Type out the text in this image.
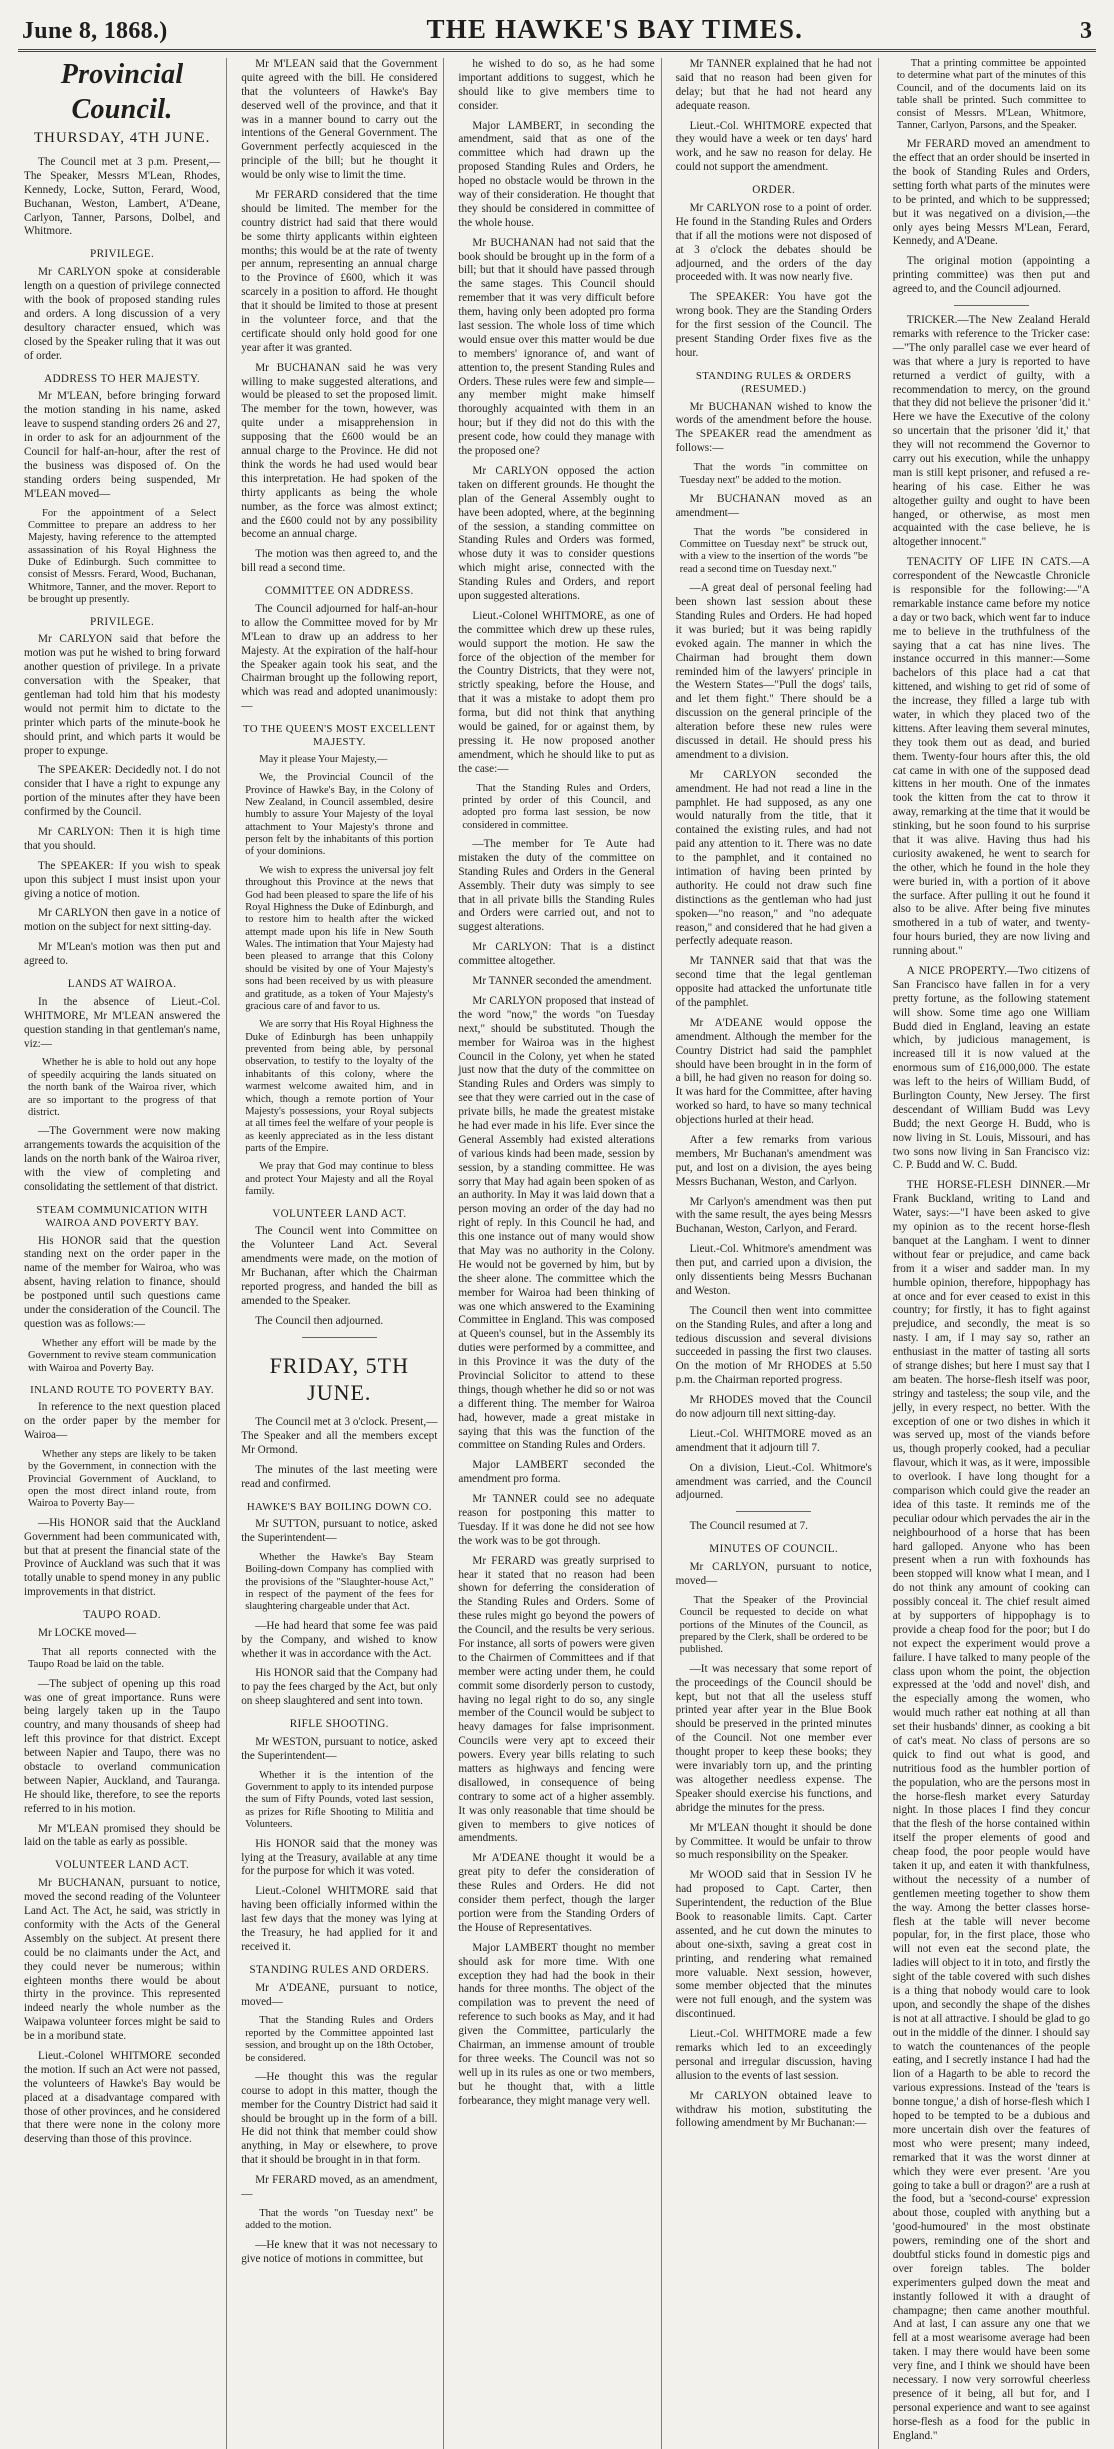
June 8, 1868.)	THE HAWKE'S BAY TIMES.	3
Provincial Council.
THURSDAY, 4TH JUNE.

The Council met at 3 p.m. Present,—The Speaker, Messrs M'Lean, Rhodes, Kennedy, Locke, Sutton, Ferard, Wood, Buchanan, Weston, Lambert, A'Deane, Carlyon, Tanner, Parsons, Dolbel, and Whitmore.

PRIVILEGE.

Mr CARLYON spoke at considerable length on a question of privilege connected with the book of proposed standing rules and orders. A long discussion of a very desultory character ensued, which was closed by the Speaker ruling that it was out of order.

ADDRESS TO HER MAJESTY.

Mr M'LEAN, before bringing forward the motion standing in his name, asked leave to suspend standing orders 26 and 27, in order to ask for an adjournment of the Council for half-an-hour, after the rest of the business was disposed of. On the standing orders being suspended, Mr M'LEAN moved—

For the appointment of a Select Committee to prepare an address to her Majesty, having reference to the attempted assassination of his Royal Highness the Duke of Edinburgh. Such committee to consist of Messrs. Ferard, Wood, Buchanan, Whitmore, Tanner, and the mover. Report to be brought up presently.

PRIVILEGE.

Mr CARLYON said that before the motion was put he wished to bring forward another question of privilege. In a private conversation with the Speaker, that gentleman had told him that his modesty would not permit him to dictate to the printer which parts of the minute-book he should print, and which parts it would be proper to expunge.

The SPEAKER: Decidedly not. I do not consider that I have a right to expunge any portion of the minutes after they have been confirmed by the Council.

Mr CARLYON: Then it is high time that you should.

The SPEAKER: If you wish to speak upon this subject I must insist upon your giving a notice of motion.

Mr CARLYON then gave in a notice of motion on the subject for next sitting-day.

Mr M'Lean's motion was then put and agreed to.

LANDS AT WAIROA.

In the absence of Lieut.-Col. WHITMORE, Mr M'LEAN answered the question standing in that gentleman's name, viz:—

Whether he is able to hold out any hope of speedily acquiring the lands situated on the north bank of the Wairoa river, which are so important to the progress of that district.

—The Government were now making arrangements towards the acquisition of the lands on the north bank of the Wairoa river, with the view of completing and consolidating the settlement of that district.

STEAM COMMUNICATION WITH WAIROA AND POVERTY BAY.

His HONOR said that the question standing next on the order paper in the name of the member for Wairoa, who was absent, having relation to finance, should be postponed until such questions came under the consideration of the Council. The question was as follows:—

Whether any effort will be made by the Government to revive steam communication with Wairoa and Poverty Bay.

INLAND ROUTE TO POVERTY BAY.

In reference to the next question placed on the order paper by the member for Wairoa—

Whether any steps are likely to be taken by the Government, in connection with the Provincial Government of Auckland, to open the most direct inland route, from Wairoa to Poverty Bay—

—His HONOR said that the Auckland Government had been communicated with, but that at present the financial state of the Province of Auckland was such that it was totally unable to spend money in any public improvements in that district.

TAUPO ROAD.

Mr LOCKE moved—

That all reports connected with the Taupo Road be laid on the table.

—The subject of opening up this road was one of great importance. Runs were being largely taken up in the Taupo country, and many thousands of sheep had left this province for that district. Except between Napier and Taupo, there was no obstacle to overland communication between Napier, Auckland, and Tauranga. He should like, therefore, to see the reports referred to in his motion.

Mr M'LEAN promised they should be laid on the table as early as possible.

VOLUNTEER LAND ACT.

Mr BUCHANAN, pursuant to notice, moved the second reading of the Volunteer Land Act. The Act, he said, was strictly in conformity with the Acts of the General Assembly on the subject. At present there could be no claimants under the Act, and they could never be numerous; within eighteen months there would be about thirty in the province. This represented indeed nearly the whole number as the Waipawa volunteer forces might be said to be in a moribund state.

Lieut.-Colonel WHITMORE seconded the motion. If such an Act were not passed, the volunteers of Hawke's Bay would be placed at a disadvantage compared with those of other provinces, and he considered that there were none in the colony more deserving than those of this province.

Mr M'LEAN said that the Government quite agreed with the bill. He considered that the volunteers of Hawke's Bay deserved well of the province, and that it was in a manner bound to carry out the intentions of the General Government. The Government perfectly acquiesced in the principle of the bill; but he thought it would be only wise to limit the time.

Mr FERARD considered that the time should be limited. The member for the country district had said that there would be some thirty applicants within eighteen months; this would be at the rate of twenty per annum, representing an annual charge to the Province of £600, which it was scarcely in a position to afford. He thought that it should be limited to those at present in the volunteer force, and that the certificate should only hold good for one year after it was granted.

Mr BUCHANAN said he was very willing to make suggested alterations, and would be pleased to set the proposed limit. The member for the town, however, was quite under a misapprehension in supposing that the £600 would be an annual charge to the Province. He did not think the words he had used would bear this interpretation. He had spoken of the thirty applicants as being the whole number, as the force was almost extinct; and the £600 could not by any possibility become an annual charge.

The motion was then agreed to, and the bill read a second time.

COMMITTEE ON ADDRESS.

The Council adjourned for half-an-hour to allow the Committee moved for by Mr M'Lean to draw up an address to her Majesty. At the expiration of the half-hour the Speaker again took his seat, and the Chairman brought up the following report, which was read and adopted unanimously:—

TO THE QUEEN'S MOST EXCELLENT MAJESTY.

May it please Your Majesty,—

We, the Provincial Council of the Province of Hawke's Bay, in the Colony of New Zealand, in Council assembled, desire humbly to assure Your Majesty of the loyal attachment to Your Majesty's throne and person felt by the inhabitants of this portion of your dominions.

We wish to express the universal joy felt throughout this Province at the news that God had been pleased to spare the life of his Royal Highness the Duke of Edinburgh, and to restore him to health after the wicked attempt made upon his life in New South Wales. The intimation that Your Majesty had been pleased to arrange that this Colony should be visited by one of Your Majesty's sons had been received by us with pleasure and gratitude, as a token of Your Majesty's gracious care of and favor to us.

We are sorry that His Royal Highness the Duke of Edinburgh has been unhappily prevented from being able, by personal observation, to testify to the loyalty of the inhabitants of this colony, where the warmest welcome awaited him, and in which, though a remote portion of Your Majesty's possessions, your Royal subjects at all times feel the welfare of your people is as keenly appreciated as in the less distant parts of the Empire.

We pray that God may continue to bless and protect Your Majesty and all the Royal family.

VOLUNTEER LAND ACT.

The Council went into Committee on the Volunteer Land Act. Several amendments were made, on the motion of Mr Buchanan, after which the Chairman reported progress, and handed the bill as amended to the Speaker.

The Council then adjourned.

FRIDAY, 5TH JUNE.

The Council met at 3 o'clock. Present,—The Speaker and all the members except Mr Ormond.

The minutes of the last meeting were read and confirmed.

HAWKE'S BAY BOILING DOWN CO.

Mr SUTTON, pursuant to notice, asked the Superintendent—

Whether the Hawke's Bay Steam Boiling-down Company has complied with the provisions of the "Slaughter-house Act," in respect of the payment of the fees for slaughtering chargeable under that Act.

—He had heard that some fee was paid by the Company, and wished to know whether it was in accordance with the Act.

His HONOR said that the Company had to pay the fees charged by the Act, but only on sheep slaughtered and sent into town.

RIFLE SHOOTING.

Mr WESTON, pursuant to notice, asked the Superintendent—

Whether it is the intention of the Government to apply to its intended purpose the sum of Fifty Pounds, voted last session, as prizes for Rifle Shooting to Militia and Volunteers.

His HONOR said that the money was lying at the Treasury, available at any time for the purpose for which it was voted.

Lieut.-Colonel WHITMORE said that having been officially informed within the last few days that the money was lying at the Treasury, he had applied for it and received it.

STANDING RULES AND ORDERS.

Mr A'DEANE, pursuant to notice, moved—

That the Standing Rules and Orders reported by the Committee appointed last session, and brought up on the 18th October, be considered.

—He thought this was the regular course to adopt in this matter, though the member for the Country District had said it should be brought up in the form of a bill. He did not think that member could show anything, in May or elsewhere, to prove that it should be brought in in that form.

Mr FERARD moved, as an amendment,—

That the words "on Tuesday next" be added to the motion.

—He knew that it was not necessary to give notice of motions in committee, but

he wished to do so, as he had some important additions to suggest, which he should like to give members time to consider.

Major LAMBERT, in seconding the amendment, said that as one of the committee which had drawn up the proposed Standing Rules and Orders, he hoped no obstacle would be thrown in the way of their consideration. He thought that they should be considered in committee of the whole house.

Mr BUCHANAN had not said that the book should be brought up in the form of a bill; but that it should have passed through the same stages. This Council should remember that it was very difficult before them, having only been adopted pro forma last session. The whole loss of time which would ensue over this matter would be due to members' ignorance of, and want of attention to, the present Standing Rules and Orders. These rules were few and simple—any member might make himself thoroughly acquainted with them in an hour; but if they did not do this with the present code, how could they manage with the proposed one?

Mr CARLYON opposed the action taken on different grounds. He thought the plan of the General Assembly ought to have been adopted, where, at the beginning of the session, a standing committee on Standing Rules and Orders was formed, whose duty it was to consider questions which might arise, connected with the Standing Rules and Orders, and report upon suggested alterations.

Lieut.-Colonel WHITMORE, as one of the committee which drew up these rules, would support the motion. He saw the force of the objection of the member for the Country Districts, that they were not, strictly speaking, before the House, and that it was a mistake to adopt them pro forma, but did not think that anything would be gained, for or against them, by pressing it. He now proposed another amendment, which he should like to put as the case:—

That the Standing Rules and Orders, printed by order of this Council, and adopted pro forma last session, be now considered in committee.

—The member for Te Aute had mistaken the duty of the committee on Standing Rules and Orders in the General Assembly. Their duty was simply to see that in all private bills the Standing Rules and Orders were carried out, and not to suggest alterations.

Mr CARLYON: That is a distinct committee altogether.

Mr TANNER seconded the amendment.

Mr CARLYON proposed that instead of the word "now," the words "on Tuesday next," should be substituted. Though the member for Wairoa was in the highest Council in the Colony, yet when he stated just now that the duty of the committee on Standing Rules and Orders was simply to see that they were carried out in the case of private bills, he made the greatest mistake he had ever made in his life. Ever since the General Assembly had existed alterations of various kinds had been made, session by session, by a standing committee. He was sorry that May had again been spoken of as an authority. In May it was laid down that a person moving an order of the day had no right of reply. In this Council he had, and this one instance out of many would show that May was no authority in the Colony. He would not be governed by him, but by the sheer alone. The committee which the member for Wairoa had been thinking of was one which answered to the Examining Committee in England. This was composed at Queen's counsel, but in the Assembly its duties were performed by a committee, and in this Province it was the duty of the Provincial Solicitor to attend to these things, though whether he did so or not was a different thing. The member for Wairoa had, however, made a great mistake in saying that this was the function of the committee on Standing Rules and Orders.

Major LAMBERT seconded the amendment pro forma.

Mr TANNER could see no adequate reason for postponing this matter to Tuesday. If it was done he did not see how the work was to be got through.

Mr FERARD was greatly surprised to hear it stated that no reason had been shown for deferring the consideration of the Standing Rules and Orders. Some of these rules might go beyond the powers of the Council, and the results be very serious. For instance, all sorts of powers were given to the Chairmen of Committees and if that member were acting under them, he could commit some disorderly person to custody, having no legal right to do so, any single member of the Council would be subject to heavy damages for false imprisonment. Councils were very apt to exceed their powers. Every year bills relating to such matters as highways and fencing were disallowed, in consequence of being contrary to some act of a higher assembly. It was only reasonable that time should be given to members to give notices of amendments.

Mr A'DEANE thought it would be a great pity to defer the consideration of these Rules and Orders. He did not consider them perfect, though the larger portion were from the Standing Orders of the House of Representatives.

Major LAMBERT thought no member should ask for more time. With one exception they had had the book in their hands for three months. The object of the compilation was to prevent the need of reference to such books as May, and it had given the Committee, particularly the Chairman, an immense amount of trouble for three weeks. The Council was not so well up in its rules as one or two members, but he thought that, with a little forbearance, they might manage very well.

Mr TANNER explained that he had not said that no reason had been given for delay; but that he had not heard any adequate reason.

Lieut.-Col. WHITMORE expected that they would have a week or ten days' hard work, and he saw no reason for delay. He could not support the amendment.

ORDER.

Mr CARLYON rose to a point of order. He found in the Standing Rules and Orders that if all the motions were not disposed of at 3 o'clock the debates should be adjourned, and the orders of the day proceeded with. It was now nearly five.

The SPEAKER: You have got the wrong book. They are the Standing Orders for the first session of the Council. The present Standing Order fixes five as the hour.

STANDING RULES & ORDERS (RESUMED.)

Mr BUCHANAN wished to know the words of the amendment before the house. The SPEAKER read the amendment as follows:—

That the words "in committee on Tuesday next" be added to the motion.

Mr BUCHANAN moved as an amendment—

That the words "be considered in Committee on Tuesday next" be struck out, with a view to the insertion of the words "be read a second time on Tuesday next."

—A great deal of personal feeling had been shown last session about these Standing Rules and Orders. He had hoped it was buried; but it was being rapidly evoked again. The manner in which the Chairman had brought them down reminded him of the lawyers' principle in the Western States—"Pull the dogs' tails, and let them fight." There should be a discussion on the general principle of the alteration before these new rules were discussed in detail. He should press his amendment to a division.

Mr CARLYON seconded the amendment. He had not read a line in the pamphlet. He had supposed, as any one would naturally from the title, that it contained the existing rules, and had not paid any attention to it. There was no date to the pamphlet, and it contained no intimation of having been printed by authority. He could not draw such fine distinctions as the gentleman who had just spoken—"no reason," and "no adequate reason," and considered that he had given a perfectly adequate reason.

Mr TANNER said that that was the second time that the legal gentleman opposite had attacked the unfortunate title of the pamphlet.

Mr A'DEANE would oppose the amendment. Although the member for the Country District had said the pamphlet should have been brought in in the form of a bill, he had given no reason for doing so. It was hard for the Committee, after having worked so hard, to have so many technical objections hurled at their head.

After a few remarks from various members, Mr Buchanan's amendment was put, and lost on a division, the ayes being Messrs Buchanan, Weston, and Carlyon.

Mr Carlyon's amendment was then put with the same result, the ayes being Messrs Buchanan, Weston, Carlyon, and Ferard.

Lieut.-Col. Whitmore's amendment was then put, and carried upon a division, the only dissentients being Messrs Buchanan and Weston.

The Council then went into committee on the Standing Rules, and after a long and tedious discussion and several divisions succeeded in passing the first two clauses. On the motion of Mr RHODES at 5.50 p.m. the Chairman reported progress.

Mr RHODES moved that the Council do now adjourn till next sitting-day.

Lieut.-Col. WHITMORE moved as an amendment that it adjourn till 7.

On a division, Lieut.-Col. Whitmore's amendment was carried, and the Council adjourned.

The Council resumed at 7.

MINUTES OF COUNCIL.

Mr CARLYON, pursuant to notice, moved—

That the Speaker of the Provincial Council be requested to decide on what portions of the Minutes of the Council, as prepared by the Clerk, shall be ordered to be published.

—It was necessary that some report of the proceedings of the Council should be kept, but not that all the useless stuff printed year after year in the Blue Book should be preserved in the printed minutes of the Council. Not one member ever thought proper to keep these books; they were invariably torn up, and the printing was altogether needless expense. The Speaker should exercise his functions, and abridge the minutes for the press.

Mr M'LEAN thought it should be done by Committee. It would be unfair to throw so much responsibility on the Speaker.

Mr WOOD said that in Session IV he had proposed to Capt. Carter, then Superintendent, the reduction of the Blue Book to reasonable limits. Capt. Carter assented, and he cut down the minutes to about one-sixth, saving a great cost in printing, and rendering what remained more valuable. Next session, however, some member objected that the minutes were not full enough, and the system was discontinued.

Lieut.-Col. WHITMORE made a few remarks which led to an exceedingly personal and irregular discussion, having allusion to the events of last session.

Mr CARLYON obtained leave to withdraw his motion, substituting the following amendment by Mr Buchanan:—

That a printing committee be appointed to determine what part of the minutes of this Council, and of the documents laid on its table shall be printed. Such committee to consist of Messrs. M'Lean, Whitmore, Tanner, Carlyon, Parsons, and the Speaker.

Mr FERARD moved an amendment to the effect that an order should be inserted in the book of Standing Rules and Orders, setting forth what parts of the minutes were to be printed, and which to be suppressed; but it was negatived on a division,—the only ayes being Messrs M'Lean, Ferard, Kennedy, and A'Deane.

The original motion (appointing a printing committee) was then put and agreed to, and the Council adjourned.

TRICKER.—The New Zealand Herald remarks with reference to the Tricker case:—"The only parallel case we ever heard of was that where a jury is reported to have returned a verdict of guilty, with a recommendation to mercy, on the ground that they did not believe the prisoner 'did it.' Here we have the Executive of the colony so uncertain that the prisoner 'did it,' that they will not recommend the Governor to carry out his execution, while the unhappy man is still kept prisoner, and refused a re-hearing of his case. Either he was altogether guilty and ought to have been hanged, or otherwise, as most men acquainted with the case believe, he is altogether innocent."

TENACITY OF LIFE IN CATS.—A correspondent of the Newcastle Chronicle is responsible for the following:—"A remarkable instance came before my notice a day or two back, which went far to induce me to believe in the truthfulness of the saying that a cat has nine lives. The instance occurred in this manner:—Some bachelors of this place had a cat that kittened, and wishing to get rid of some of the increase, they filled a large tub with water, in which they placed two of the kittens. After leaving them several minutes, they took them out as dead, and buried them. Twenty-four hours after this, the old cat came in with one of the supposed dead kittens in her mouth. One of the inmates took the kitten from the cat to throw it away, remarking at the time that it would be stinking, but he soon found to his surprise that it was alive. Having thus had his curiosity awakened, he went to search for the other, which he found in the hole they were buried in, with a portion of it above the surface. After pulling it out he found it also to be alive. After being five minutes smothered in a tub of water, and twenty-four hours buried, they are now living and running about."

A NICE PROPERTY.—Two citizens of San Francisco have fallen in for a very pretty fortune, as the following statement will show. Some time ago one William Budd died in England, leaving an estate which, by judicious management, is increased till it is now valued at the enormous sum of £16,000,000. The estate was left to the heirs of William Budd, of Burlington County, New Jersey. The first descendant of William Budd was Levy Budd; the next George H. Budd, who is now living in St. Louis, Missouri, and has two sons now living in San Francisco viz: C. P. Budd and W. C. Budd.

THE HORSE-FLESH DINNER.—Mr Frank Buckland, writing to Land and Water, says:—"I have been asked to give my opinion as to the recent horse-flesh banquet at the Langham. I went to dinner without fear or prejudice, and came back from it a wiser and sadder man. In my humble opinion, therefore, hippophagy has at once and for ever ceased to exist in this country; for firstly, it has to fight against prejudice, and secondly, the meat is so nasty. I am, if I may say so, rather an enthusiast in the matter of tasting all sorts of strange dishes; but here I must say that I am beaten. The horse-flesh itself was poor, stringy and tasteless; the soup vile, and the jelly, in every respect, no better. With the exception of one or two dishes in which it was served up, most of the viands before us, though properly cooked, had a peculiar flavour, which it was, as it were, impossible to overlook. I have long thought for a comparison which could give the reader an idea of this taste. It reminds me of the peculiar odour which pervades the air in the neighbourhood of a horse that has been hard galloped. Anyone who has been present when a run with foxhounds has been stopped will know what I mean, and I do not think any amount of cooking can possibly conceal it. The chief result aimed at by supporters of hippophagy is to provide a cheap food for the poor; but I do not expect the experiment would prove a failure. I have talked to many people of the class upon whom the point, the objection expressed at the 'odd and novel' dish, and the especially among the women, who would much rather eat nothing at all than set their husbands' dinner, as cooking a bit of cat's meat. No class of persons are so quick to find out what is good, and nutritious food as the humbler portion of the population, who are the persons most in the horse-flesh market every Saturday night. In those places I find they concur that the flesh of the horse contained within itself the proper elements of good and cheap food, the poor people would have taken it up, and eaten it with thankfulness, without the necessity of a number of gentlemen meeting together to show them the way. Among the better classes horse-flesh at the table will never become popular, for, in the first place, those who will not even eat the second plate, the ladies will object to it in toto, and firstly the sight of the table covered with such dishes is a thing that nobody would care to look upon, and secondly the shape of the dishes is not at all attractive. I should be glad to go out in the middle of the dinner. I should say to watch the countenances of the people eating, and I secretly instance I had had the lion of a Hagarth to be able to record the various expressions. Instead of the 'tears is bonne tongue,' a dish of horse-flesh which I hoped to be tempted to be a dubious and more uncertain dish over the features of most who were present; many indeed, remarked that it was the worst dinner at which they were ever present. 'Are you going to take a bull or dragon?' are a rush at the food, but a 'second-course' expression about those, coupled with anything but a 'good-humoured' in the most obstinate powers, reminding one of the short and doubtful sticks found in domestic pigs and over foreign tables. The bolder experimenters gulped down the meat and instantly followed it with a draught of champagne; then came another mouthful. And at last, I can assure any one that we fell at a most wearisome average had been taken. I may there would have been some very fine, and I think we should have been necessary. I now very sorrowful cheerless presence of it being, all but for, and I personal experience and want to see against horse-flesh as a food for the public in England."
